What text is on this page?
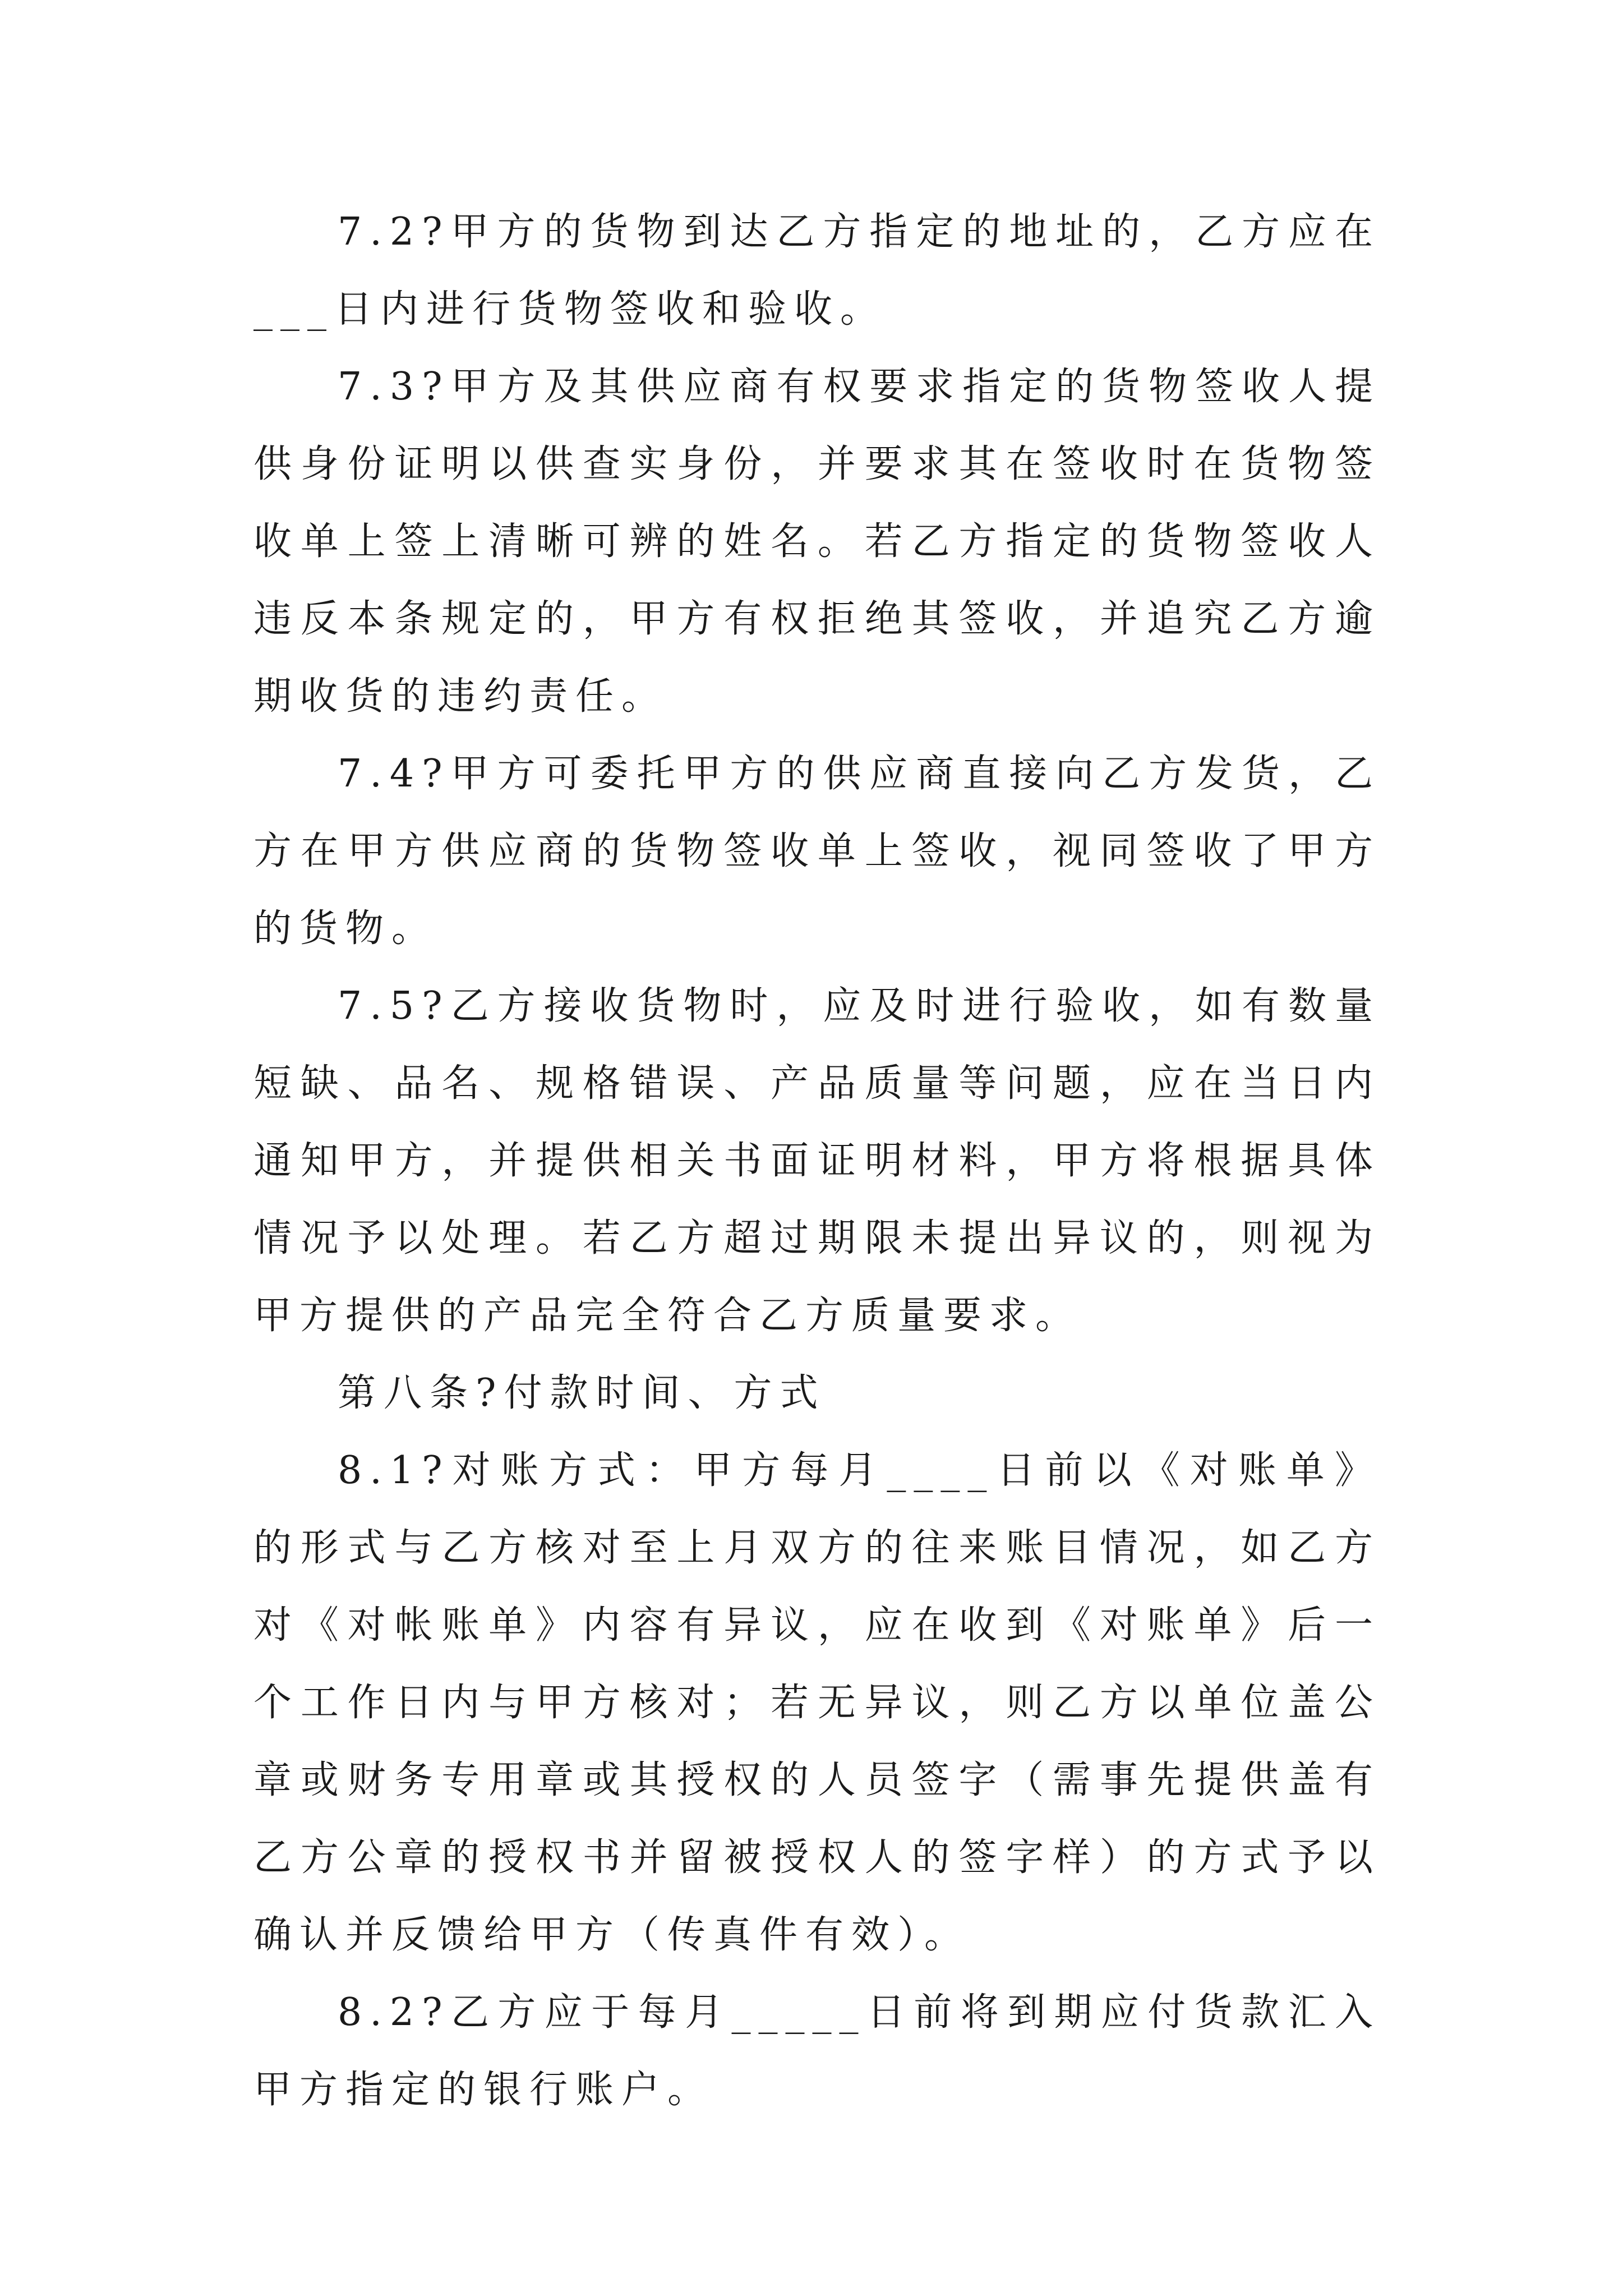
7.2?甲方的货物到达乙方指定的地址的，乙方应在___日内进行货物签收和验收。

7.3?甲方及其供应商有权要求指定的货物签收人提供身份证明以供查实身份，并要求其在签收时在货物签收单上签上清晰可辨的姓名。若乙方指定的货物签收人违反本条规定的，甲方有权拒绝其签收，并追究乙方逾期收货的违约责任。

7.4?甲方可委托甲方的供应商直接向乙方发货，乙方在甲方供应商的货物签收单上签收，视同签收了甲方的货物。

7.5?乙方接收货物时，应及时进行验收，如有数量短缺、品名、规格错误、产品质量等问题，应在当日内通知甲方，并提供相关书面证明材料，甲方将根据具体情况予以处理。若乙方超过期限未提出异议的，则视为甲方提供的产品完全符合乙方质量要求。

第八条?付款时间、方式

8.1?对账方式：甲方每月____日前以《对账单》的形式与乙方核对至上月双方的往来账目情况，如乙方对《对帐账单》内容有异议，应在收到《对账单》后一个工作日内与甲方核对；若无异议，则乙方以单位盖公章或财务专用章或其授权的人员签字（需事先提供盖有乙方公章的授权书并留被授权人的签字样）的方式予以确认并反馈给甲方（传真件有效）。

8.2?乙方应于每月_____日前将到期应付货款汇入甲方指定的银行账户。
